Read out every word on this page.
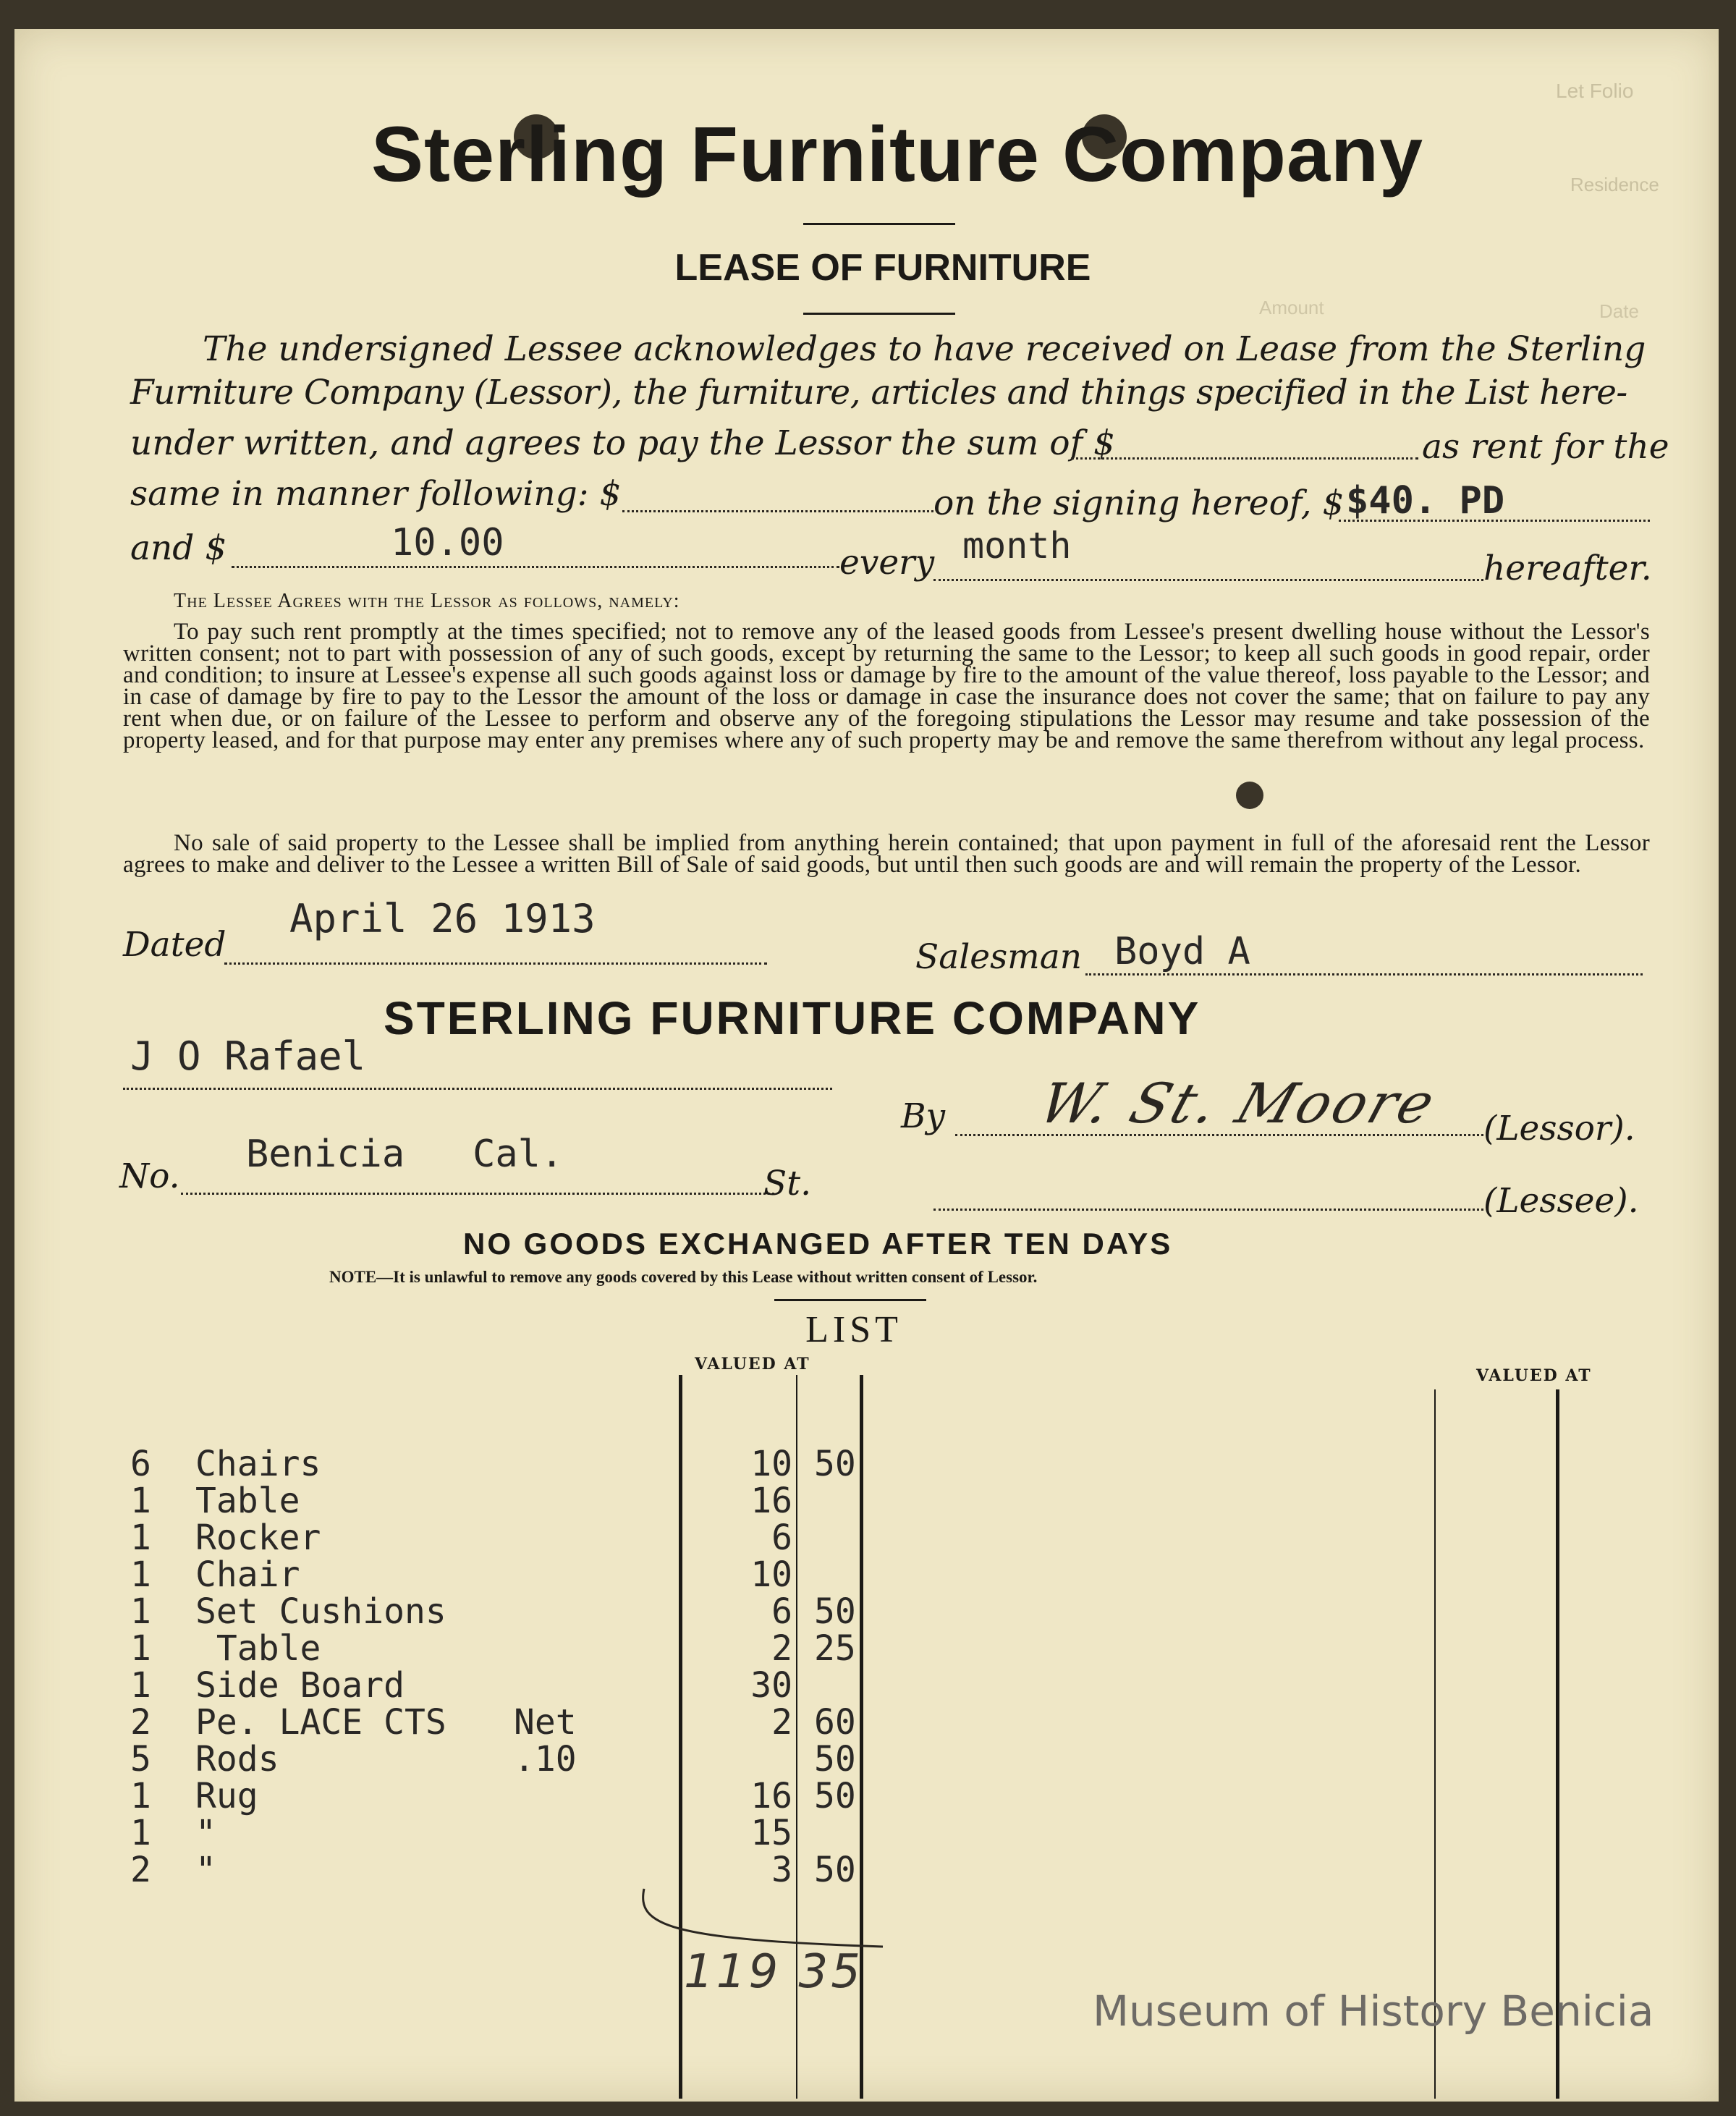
Let Folio
Residence
Amount	Date
Sterling Furniture Company
LEASE OF FURNITURE
The undersigned Lessee acknowledges to have received on Lease from the Sterling
Furniture Company (Lessor), the furniture, articles and things specified in the List here-
under written, and agrees to pay the Lessor the sum of $	as rent for the
same in manner following: $	on the signing hereof, $ $40. PD
and $	10.00	every month
hereafter.
The Lessee Agrees with the Lessor as follows, namely:
To pay such rent promptly at the times specified; not to remove any of the leased goods from Lessee's present dwelling house without the Lessor's written consent; not to part with possession of any of such goods, except by returning the same to the Lessor; to keep all such goods in good repair, order and condition; to insure at Lessee's expense all such goods against loss or damage by fire to the amount of the value thereof, loss payable to the Lessor; and in case of damage by fire to pay to the Lessor the amount of the loss or damage in case the insurance does not cover the same; that on failure to pay any rent when due, or on failure of the Lessee to perform and observe any of the foregoing stipulations the Lessor may resume and take possession of the property leased, and for that purpose may enter any premises where any of such property may be and remove the same therefrom without any legal process.
No sale of said property to the Lessee shall be implied from anything herein contained; that upon payment in full of the aforesaid rent the Lessor agrees to make and deliver to the Lessee a written Bill of Sale of said goods, but until then such goods are and will remain the property of the Lessor.
Dated
April 26 1913
Salesman Boyd A
STERLING FURNITURE COMPANY
J O Rafael
By W. St. Moore (Lessor).
No.
Benicia   Cal.
St.	(Lessee).
NO GOODS EXCHANGED AFTER TEN DAYS
NOTE—It is unlawful to remove any goods covered by this Lease without written consent of Lessor.
LIST
VALUED AT
VALUED AT
6	Chairs	10 50
1	Table	16
1	Rocker	6
1	Chair	10
1	Set Cushions	6 50
1	Table	2 25
1	Side Board	30
2	Pe. LACE CTS Net	2 60
5	Rods	.10	50
1	Rug	16 50
1	"	15
2	"	3 50
119 35
Museum of History Benicia
